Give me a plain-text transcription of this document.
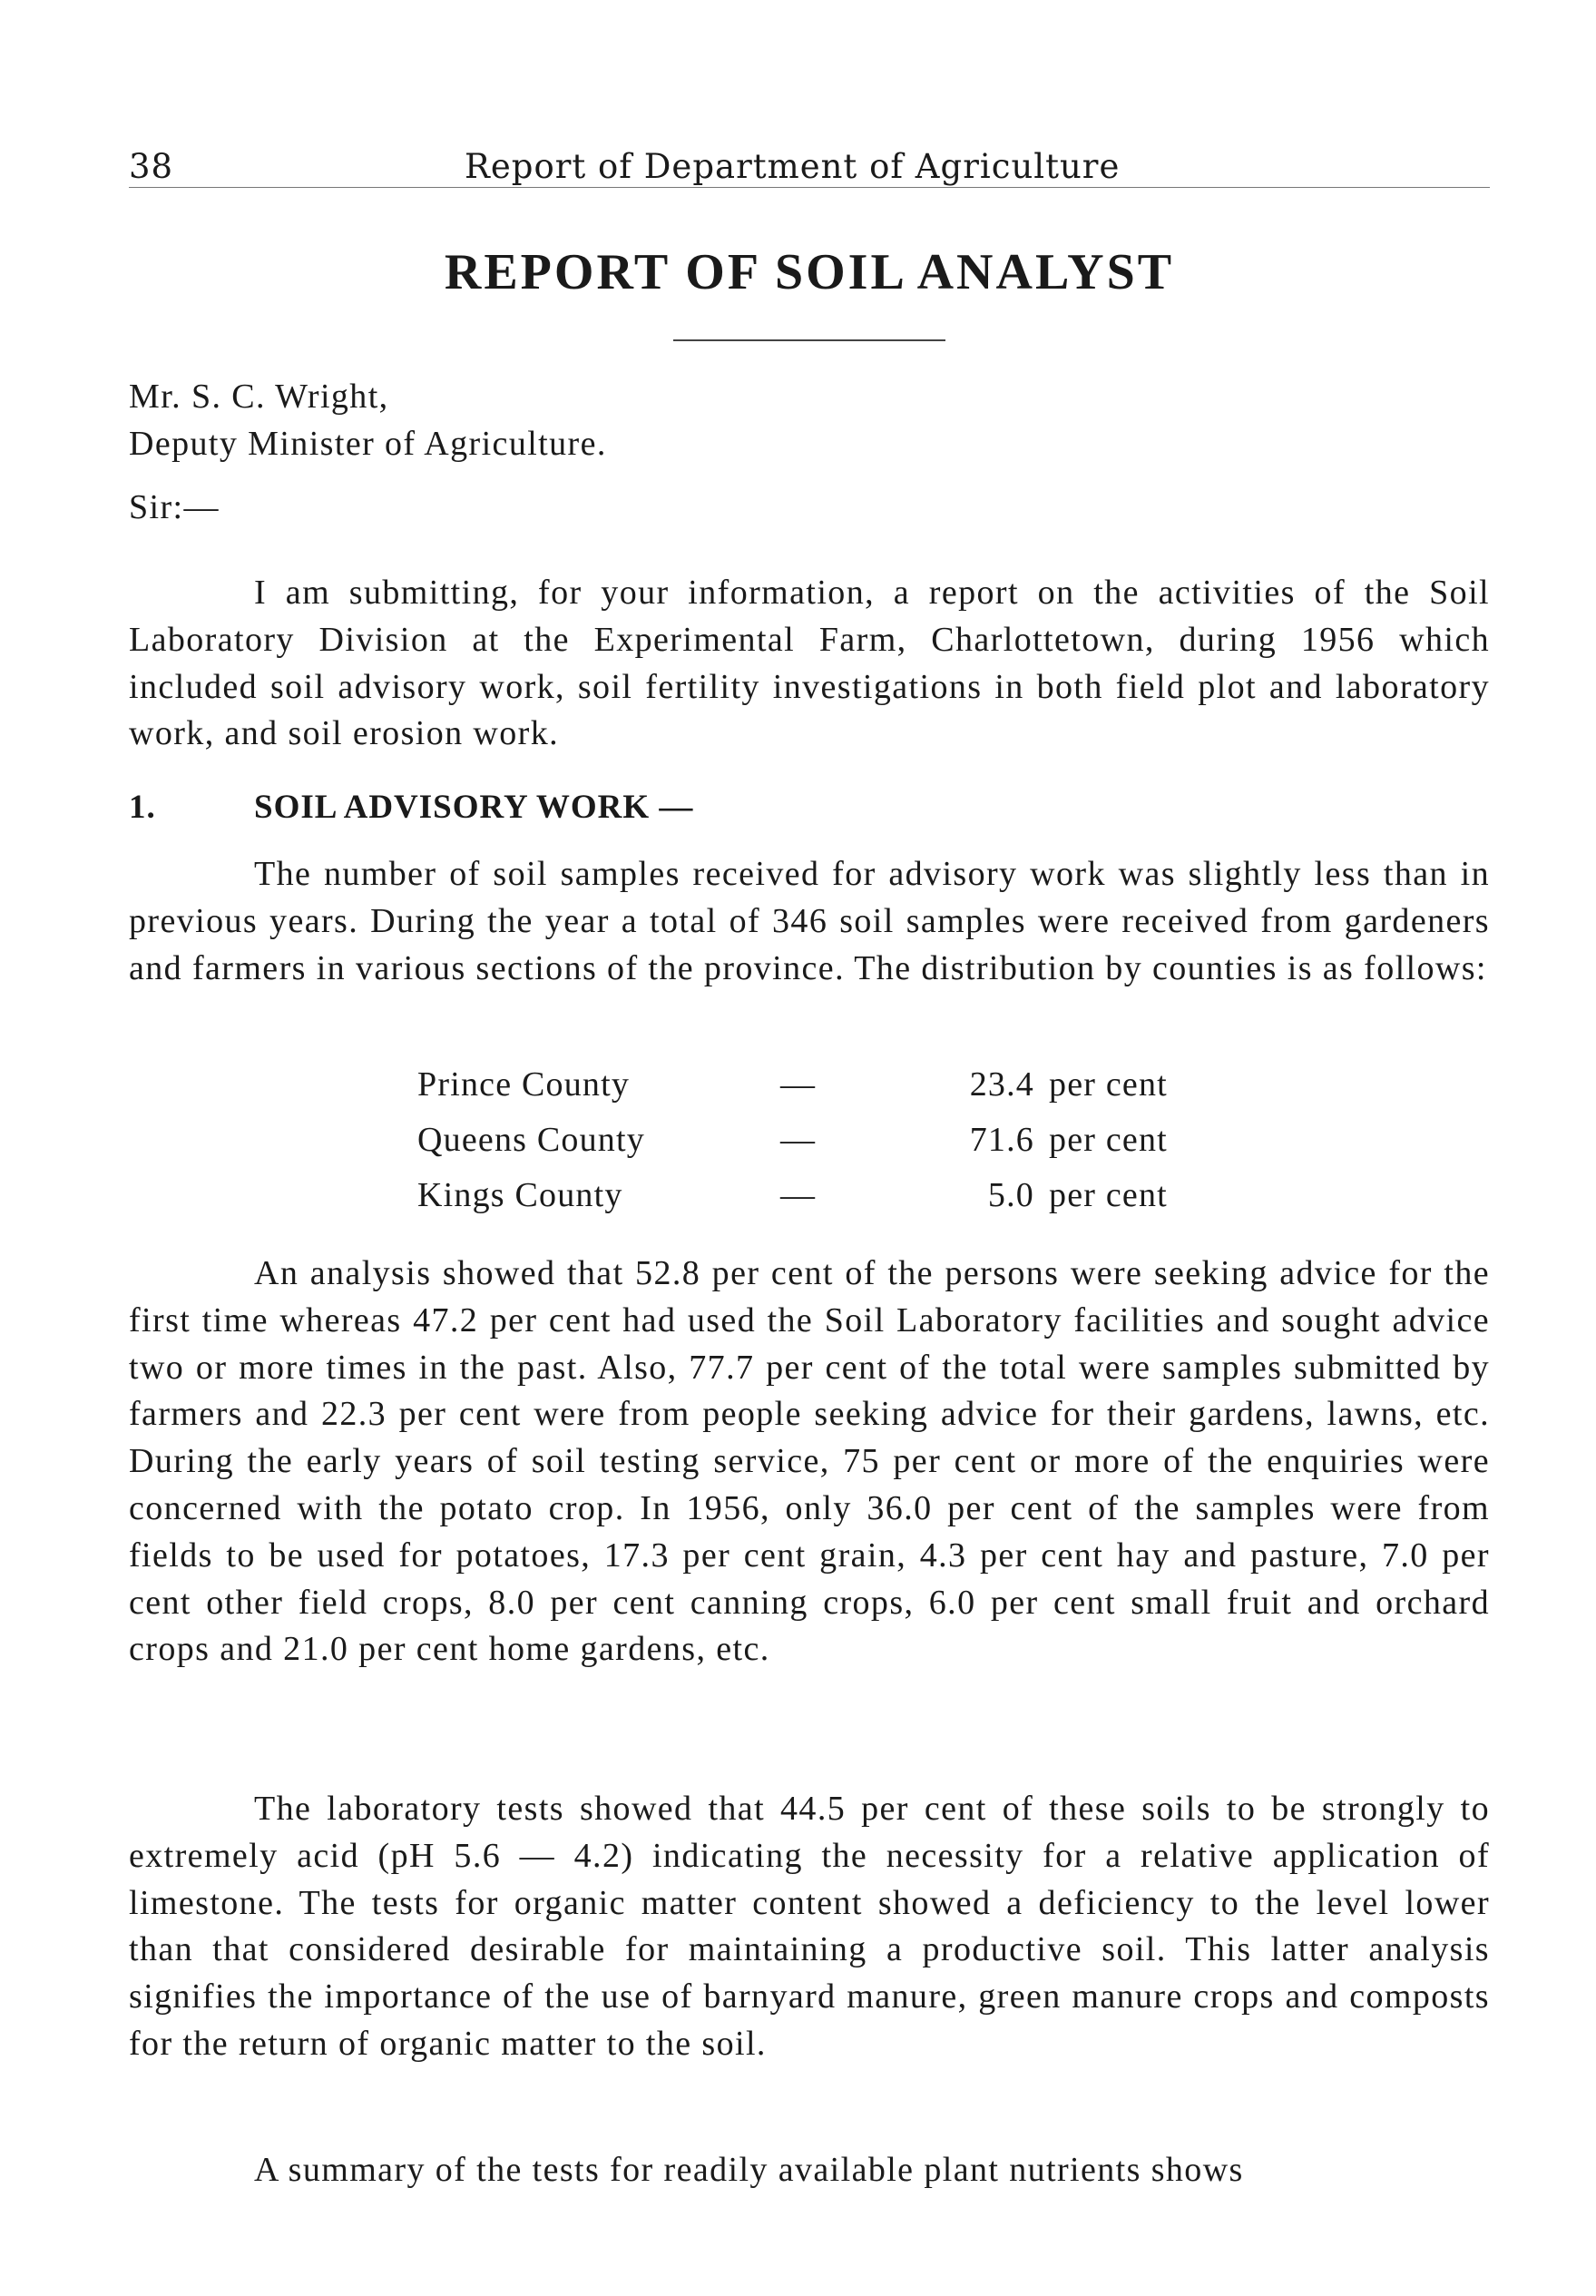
38	Report of Department of Agriculture
REPORT OF SOIL ANALYST
Mr. S. C. Wright,
Deputy Minister of Agriculture.
Sir:—

I am submitting, for your information, a report on the activities of the Soil Laboratory Division at the Experimental Farm, Charlottetown, during 1956 which included soil advisory work, soil fertility investigations in both field plot and laboratory work, and soil erosion work.

1.	SOIL ADVISORY WORK —

The number of soil samples received for advisory work was slightly less than in previous years. During the year a total of 346 soil samples were received from gardeners and farmers in various sections of the province. The distribution by counties is as follows:

Prince County	—	23.4	per cent
Queens County	—	71.6	per cent
Kings County	—	5.0	per cent

An analysis showed that 52.8 per cent of the persons were seeking advice for the first time whereas 47.2 per cent had used the Soil Laboratory facilities and sought advice two or more times in the past. Also, 77.7 per cent of the total were samples submitted by farmers and 22.3 per cent were from people seeking advice for their gardens, lawns, etc. During the early years of soil testing service, 75 per cent or more of the enquiries were concerned with the potato crop. In 1956, only 36.0 per cent of the samples were from fields to be used for potatoes, 17.3 per cent grain, 4.3 per cent hay and pasture, 7.0 per cent other field crops, 8.0 per cent canning crops, 6.0 per cent small fruit and orchard crops and 21.0 per cent home gardens, etc.

The laboratory tests showed that 44.5 per cent of these soils to be strongly to extremely acid (pH 5.6 — 4.2) indicating the necessity for a relative application of limestone. The tests for organic matter content showed a deficiency to the level lower than that considered desirable for maintaining a productive soil. This latter analysis signifies the importance of the use of barnyard manure, green manure crops and composts for the return of organic matter to the soil.

A summary of the tests for readily available plant nutrients shows
